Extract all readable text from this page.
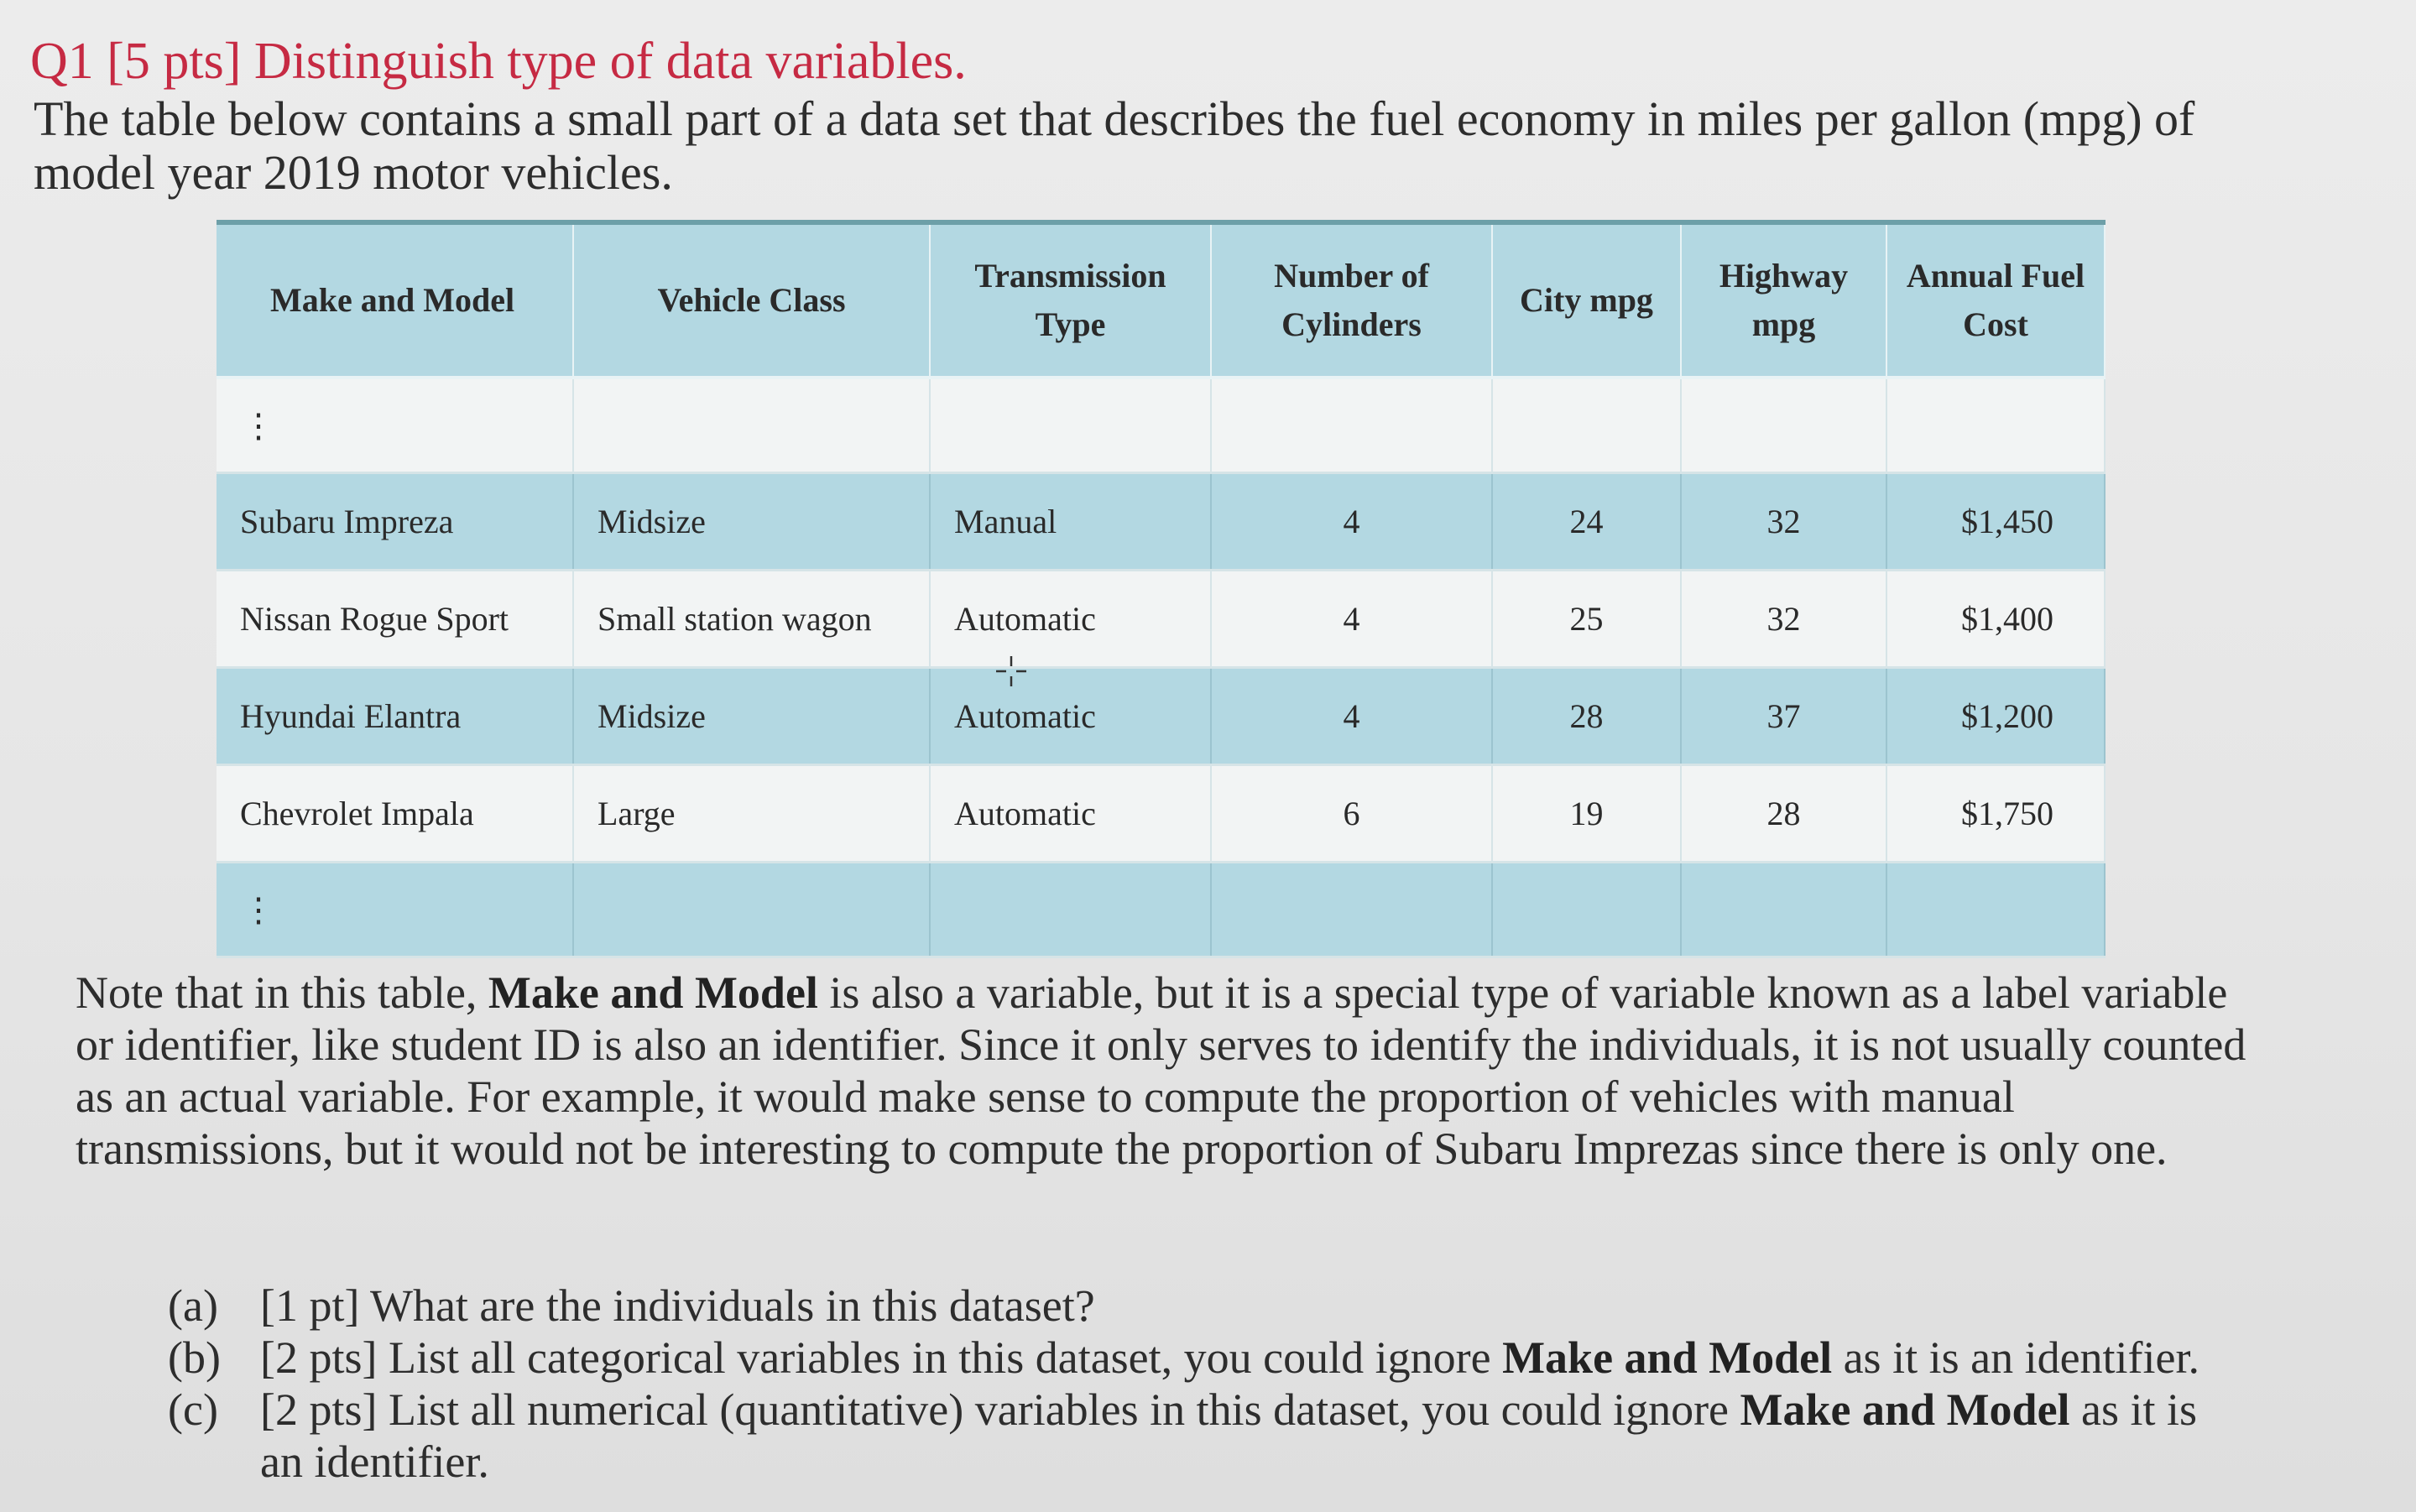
Q1 [5 pts] Distinguish type of data variables.
The table below contains a small part of a data set that describes the fuel economy in miles per gallon (mpg) of model year 2019 motor vehicles.
Make and Model	Vehicle Class	Transmission Type	Number of Cylinders	City mpg	Highway mpg	Annual Fuel Cost
⋮						
Subaru Impreza	Midsize	Manual	4	24	32	$1,450
Nissan Rogue Sport	Small station wagon	Automatic	4	25	32	$1,400
Hyundai Elantra	Midsize	Automatic	4	28	37	$1,200
Chevrolet Impala	Large	Automatic	6	19	28	$1,750
⋮						
Note that in this table, Make and Model is also a variable, but it is a special type of variable known as a label variable or identifier, like student ID is also an identifier. Since it only serves to identify the individuals, it is not usually counted as an actual variable. For example, it would make sense to compute the proportion of vehicles with manual transmissions, but it would not be interesting to compute the proportion of Subaru Imprezas since there is only one.
(a) [1 pt] What are the individuals in this dataset?
(b) [2 pts] List all categorical variables in this dataset, you could ignore Make and Model as it is an identifier.
(c) [2 pts] List all numerical (quantitative) variables in this dataset, you could ignore Make and Model as it is an identifier.
